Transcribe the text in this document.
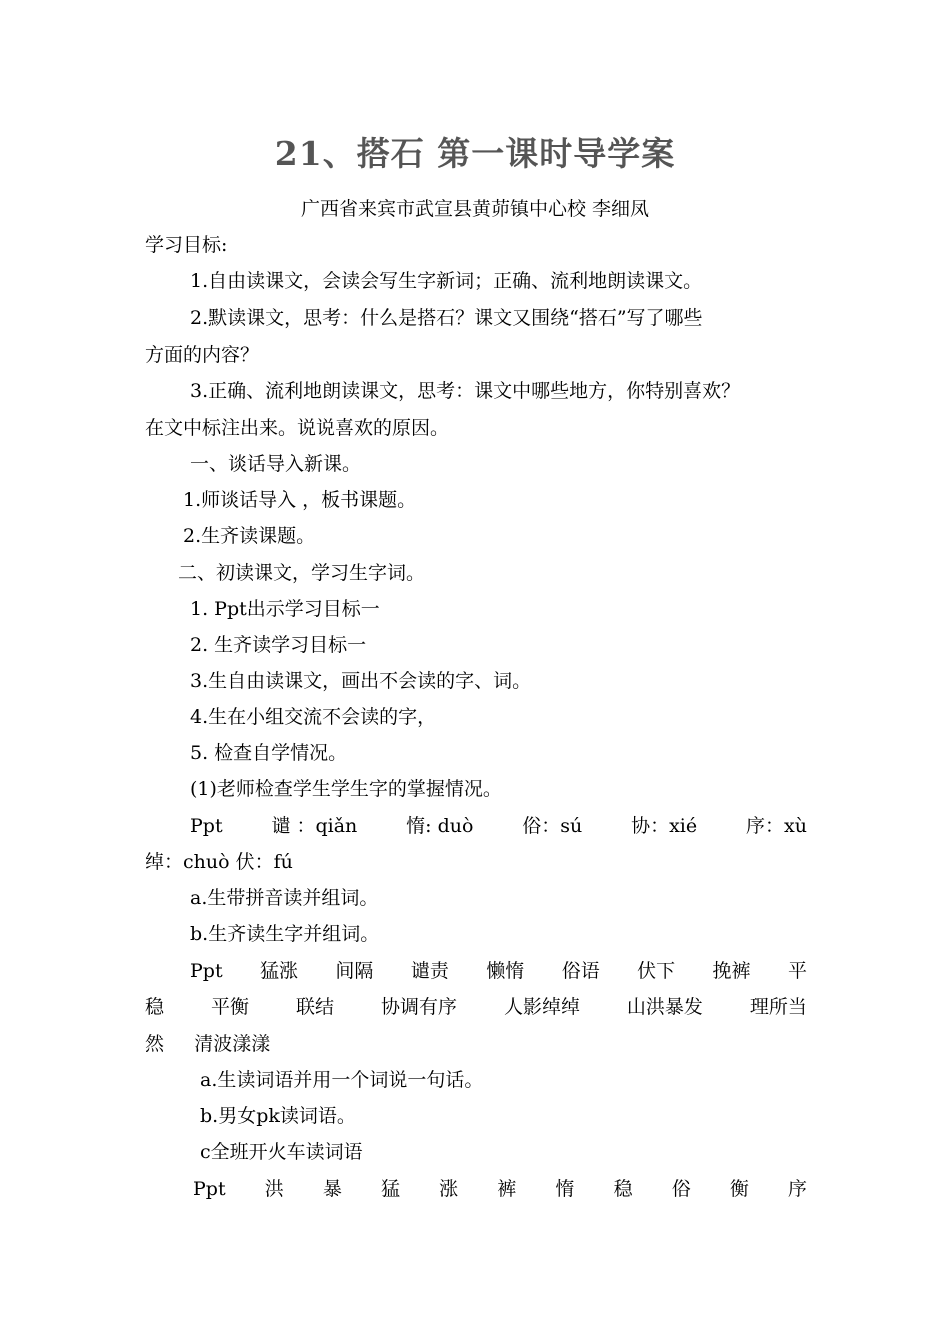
21、搭石 第一课时导学案
广西省来宾市武宣县黄茆镇中心校 李细凤
学习目标:
1.自由读课文，会读会写生字新词；正确、流利地朗读课文。
2.默读课文，思考：什么是搭石？课文又围绕“搭石”写了哪些
方面的内容？
3.正确、流利地朗读课文，思考：课文中哪些地方，你特别喜欢？
在文中标注出来。说说喜欢的原因。
一、谈话导入新课。
1.师谈话导入 ，板书课题。
2.生齐读课题。
二、初读课文，学习生字词。
1. Ppt出示学习目标一
2. 生齐读学习目标一
3.生自由读课文，画出不会读的字、词。
4.生在小组交流不会读的字，
5. 检查自学情况。
(1)老师检查学生学生字的掌握情况。
Ppt	谴 ：qiǎn	惰: duò	俗：sú	协：xié	序：xù
绰：chuò 伏：fú
a.生带拼音读并组词。
b.生齐读生字并组词。
Ppt 猛涨 间隔 谴责 懒惰 俗语 伏下 挽裤 平
稳 平衡 联结 协调有序 人影绰绰 山洪暴发 理所当
然     清波漾漾
a.生读词语并用一个词说一句话。
b.男女pk读词语。
c全班开火车读词语
Ppt 洪 暴 猛 涨 裤 惰 稳 俗 衡 序
